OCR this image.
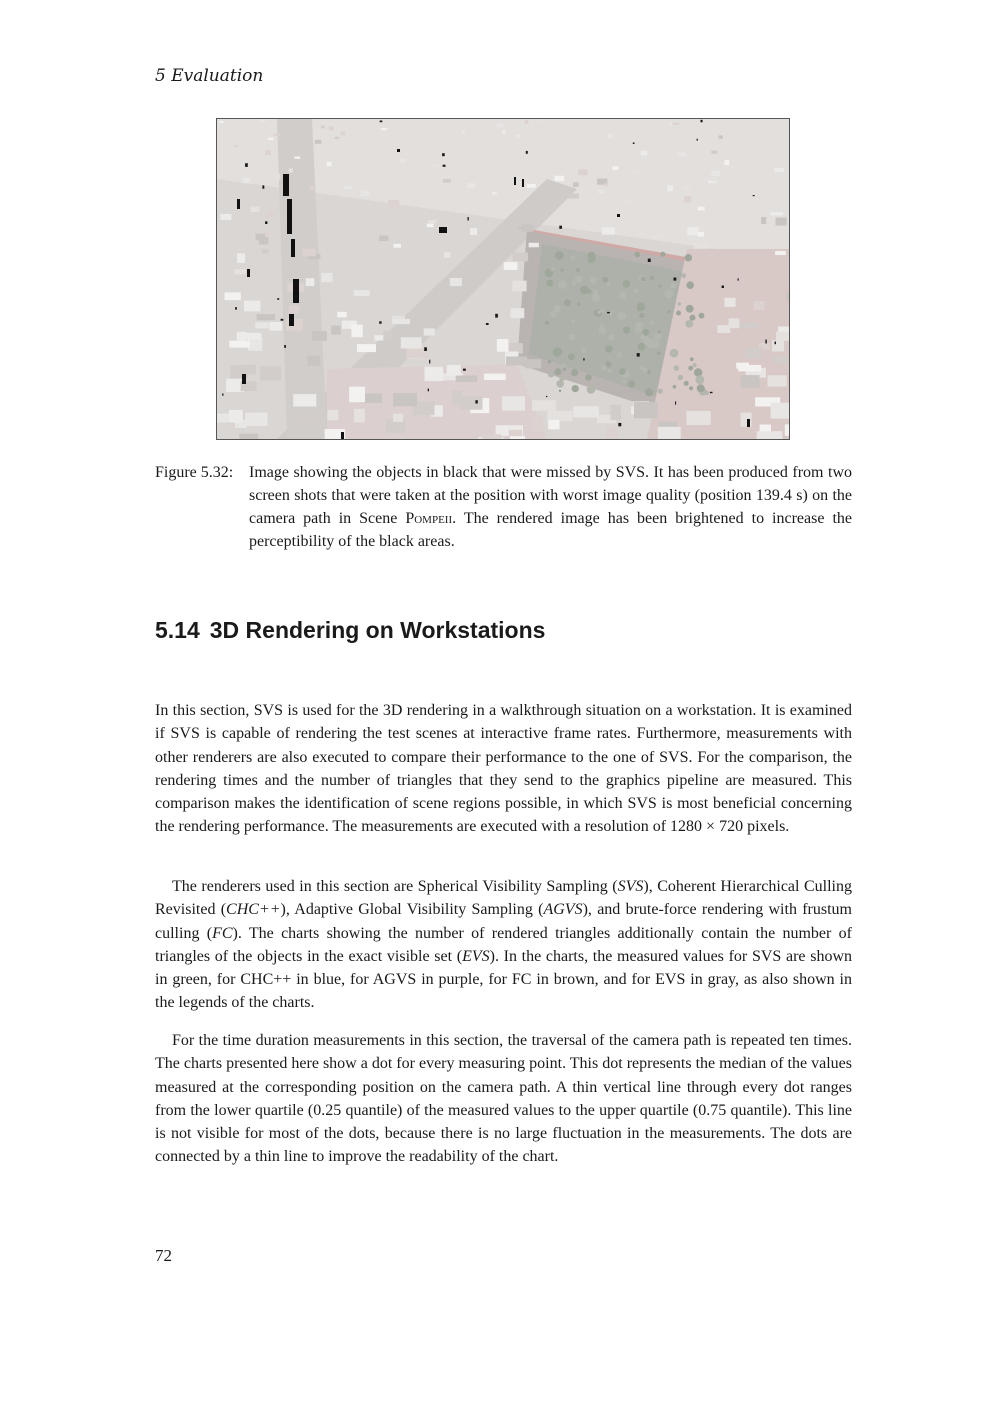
5 Evaluation
Figure 5.32: Image showing the objects in black that were missed by SVS. It has been produced from two screen shots that were taken at the position with worst image quality (position 139.4 s) on the camera path in Scene Pompeii. The rendered image has been brightened to increase the perceptibility of the black areas.
5.14 3D Rendering on Workstations

In this section, SVS is used for the 3D rendering in a walkthrough situation on a workstation. It is examined if SVS is capable of rendering the test scenes at interactive frame rates. Furthermore, measurements with other renderers are also executed to compare their performance to the one of SVS. For the comparison, the rendering times and the number of triangles that they send to the graphics pipeline are measured. This comparison makes the identification of scene regions possible, in which SVS is most beneficial concerning the rendering performance. The measurements are executed with a resolution of 1280 × 720 pixels.

The renderers used in this section are Spherical Visibility Sampling (SVS), Coherent Hierarchical Culling Revisited (CHC++), Adaptive Global Visibility Sampling (AGVS), and brute-force rendering with frustum culling (FC). The charts showing the number of rendered triangles additionally contain the number of triangles of the objects in the exact visible set (EVS). In the charts, the measured values for SVS are shown in green, for CHC++ in blue, for AGVS in purple, for FC in brown, and for EVS in gray, as also shown in the legends of the charts.

For the time duration measurements in this section, the traversal of the camera path is repeated ten times. The charts presented here show a dot for every measuring point. This dot represents the median of the values measured at the corresponding position on the camera path. A thin vertical line through every dot ranges from the lower quartile (0.25 quantile) of the measured values to the upper quartile (0.75 quantile). This line is not visible for most of the dots, because there is no large fluctuation in the measurements. The dots are connected by a thin line to improve the readability of the chart.

72
